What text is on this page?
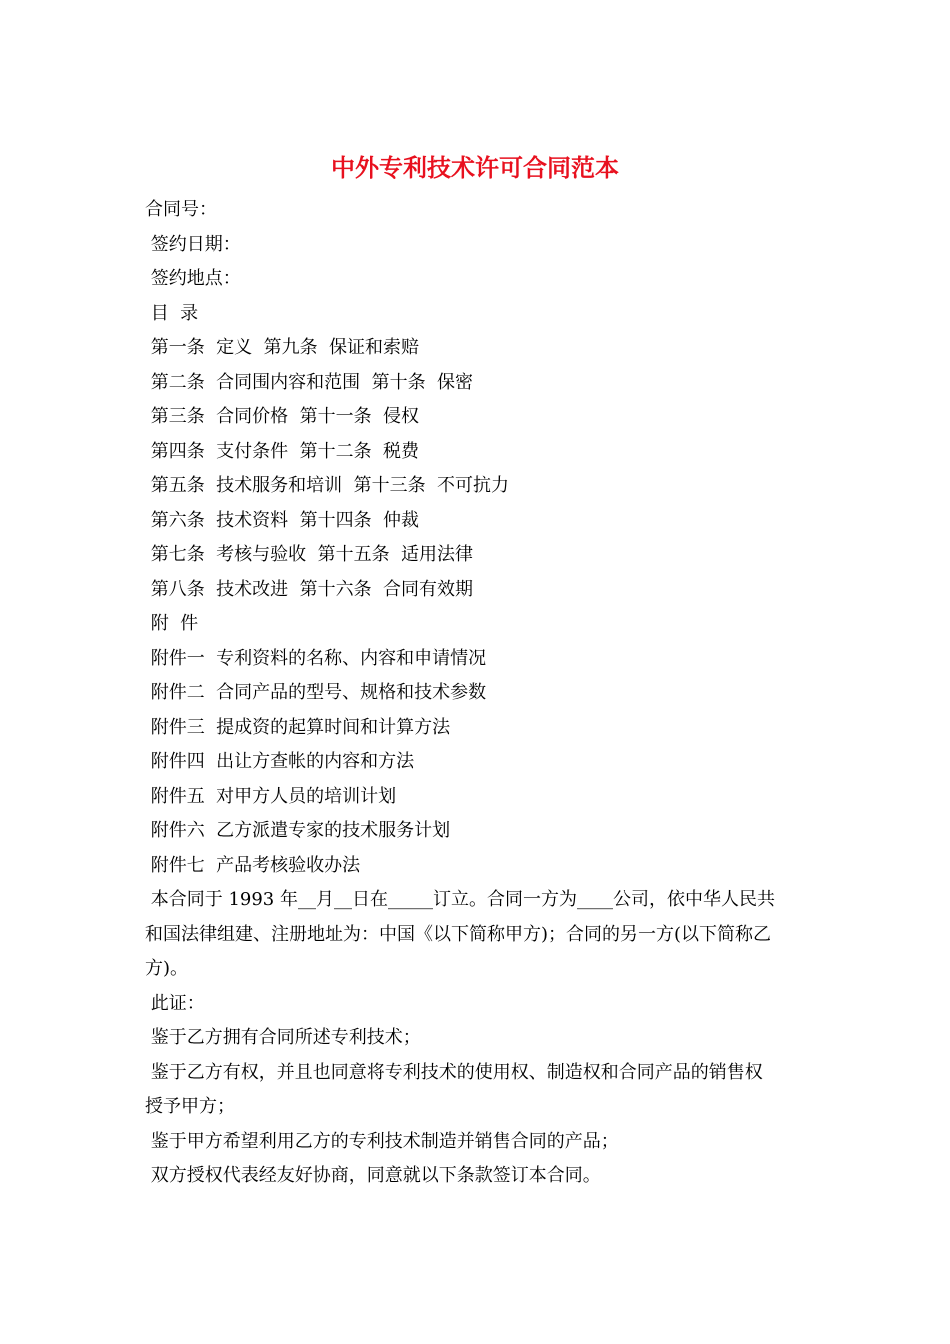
中外专利技术许可合同范本

合同号：

签约日期：

签约地点：

目  录

第一条  定义  第九条  保证和索赔

第二条  合同围内容和范围  第十条  保密

第三条  合同价格  第十一条  侵权

第四条  支付条件  第十二条  税费

第五条  技术服务和培训  第十三条  不可抗力

第六条  技术资料  第十四条  仲裁

第七条  考核与验收  第十五条  适用法律

第八条  技术改进  第十六条  合同有效期

附  件

附件一  专利资料的名称、内容和申请情况

附件二  合同产品的型号、规格和技术参数

附件三  提成资的起算时间和计算方法

附件四  出让方查帐的内容和方法

附件五  对甲方人员的培训计划

附件六  乙方派遣专家的技术服务计划

附件七  产品考核验收办法

本合同于 1993 年__月__日在_____订立。合同一方为____公司，依中华人民共

和国法律组建、注册地址为：中国《以下简称甲方)；合同的另一方(以下简称乙

方)。

此证：

鉴于乙方拥有合同所述专利技术；

鉴于乙方有权，并且也同意将专利技术的使用权、制造权和合同产品的销售权

授予甲方；

鉴于甲方希望利用乙方的专利技术制造并销售合同的产品；

双方授权代表经友好协商，同意就以下条款签订本合同。
